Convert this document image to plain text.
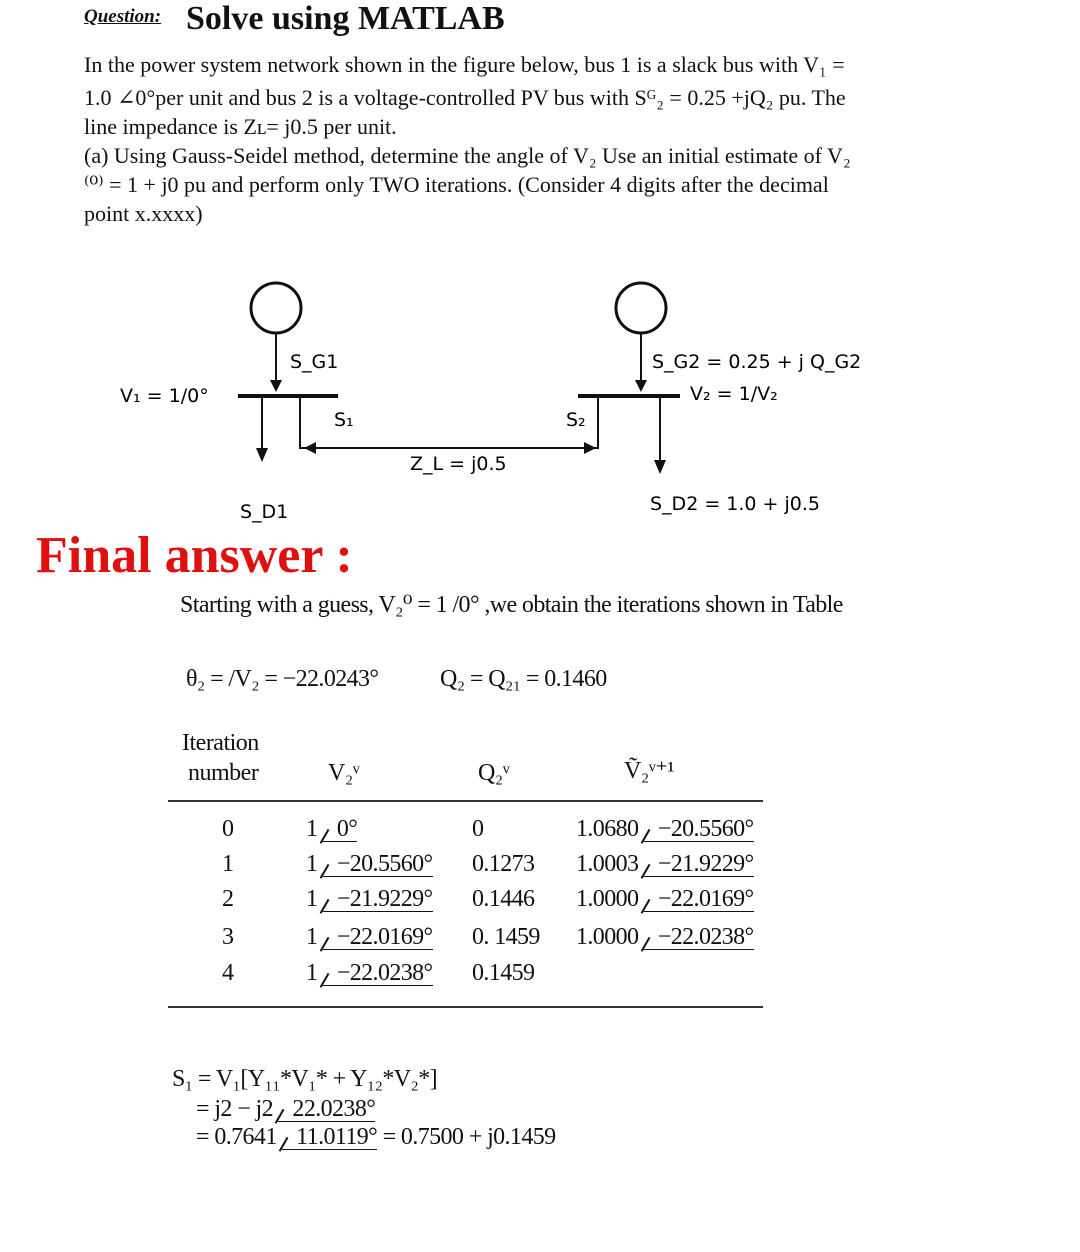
Question: Solve using MATLAB
In the power system network shown in the figure below, bus 1 is a slack bus with V₁ =
1.0 ∠0°per unit and bus 2 is a voltage-controlled PV bus with Sᴳ₂ = 0.25 +jQ₂ pu. The
line impedance is Zʟ= j0.5 per unit.
(a) Using Gauss-Seidel method, determine the angle of V₂ Use an initial estimate of V₂
⁽⁰⁾ = 1 + j0 pu and perform only TWO iterations. (Consider 4 digits after the decimal
point x.xxxx)
V₁ = 1/0°
S_G1
S₁
S_D1
Z_L = j0.5
S₂
S_G2 = 0.25 + j Q_G2
V₂ = 1/V₂
S_D2 = 1.0 + j0.5
Final answer :
Starting with a guess, V₂⁰ = 1 /0° ,we obtain the iterations shown in Table
θ₂ = /V₂ = −22.0243°	Q₂ = Q₂₁ = 0.1460
Iteration
number	V₂ᵛ	Q₂ᵛ	Ṽ₂ᵛ⁺¹
0	1 0°	0	1.0680 −20.5560°
1	1 −20.5560° 0.1273 1.0003 −21.9229°
2	1 −21.9229° 0.1446 1.0000 −22.0169°
3	1 −22.0169° 0. 1459 1.0000 −22.0238°
4	1 −22.0238° 0.1459
S₁ = V₁[Y₁₁*V₁* + Y₁₂*V₂*]
= j2 − j2 22.0238°
= 0.7641 11.0119° = 0.7500 + j0.1459
